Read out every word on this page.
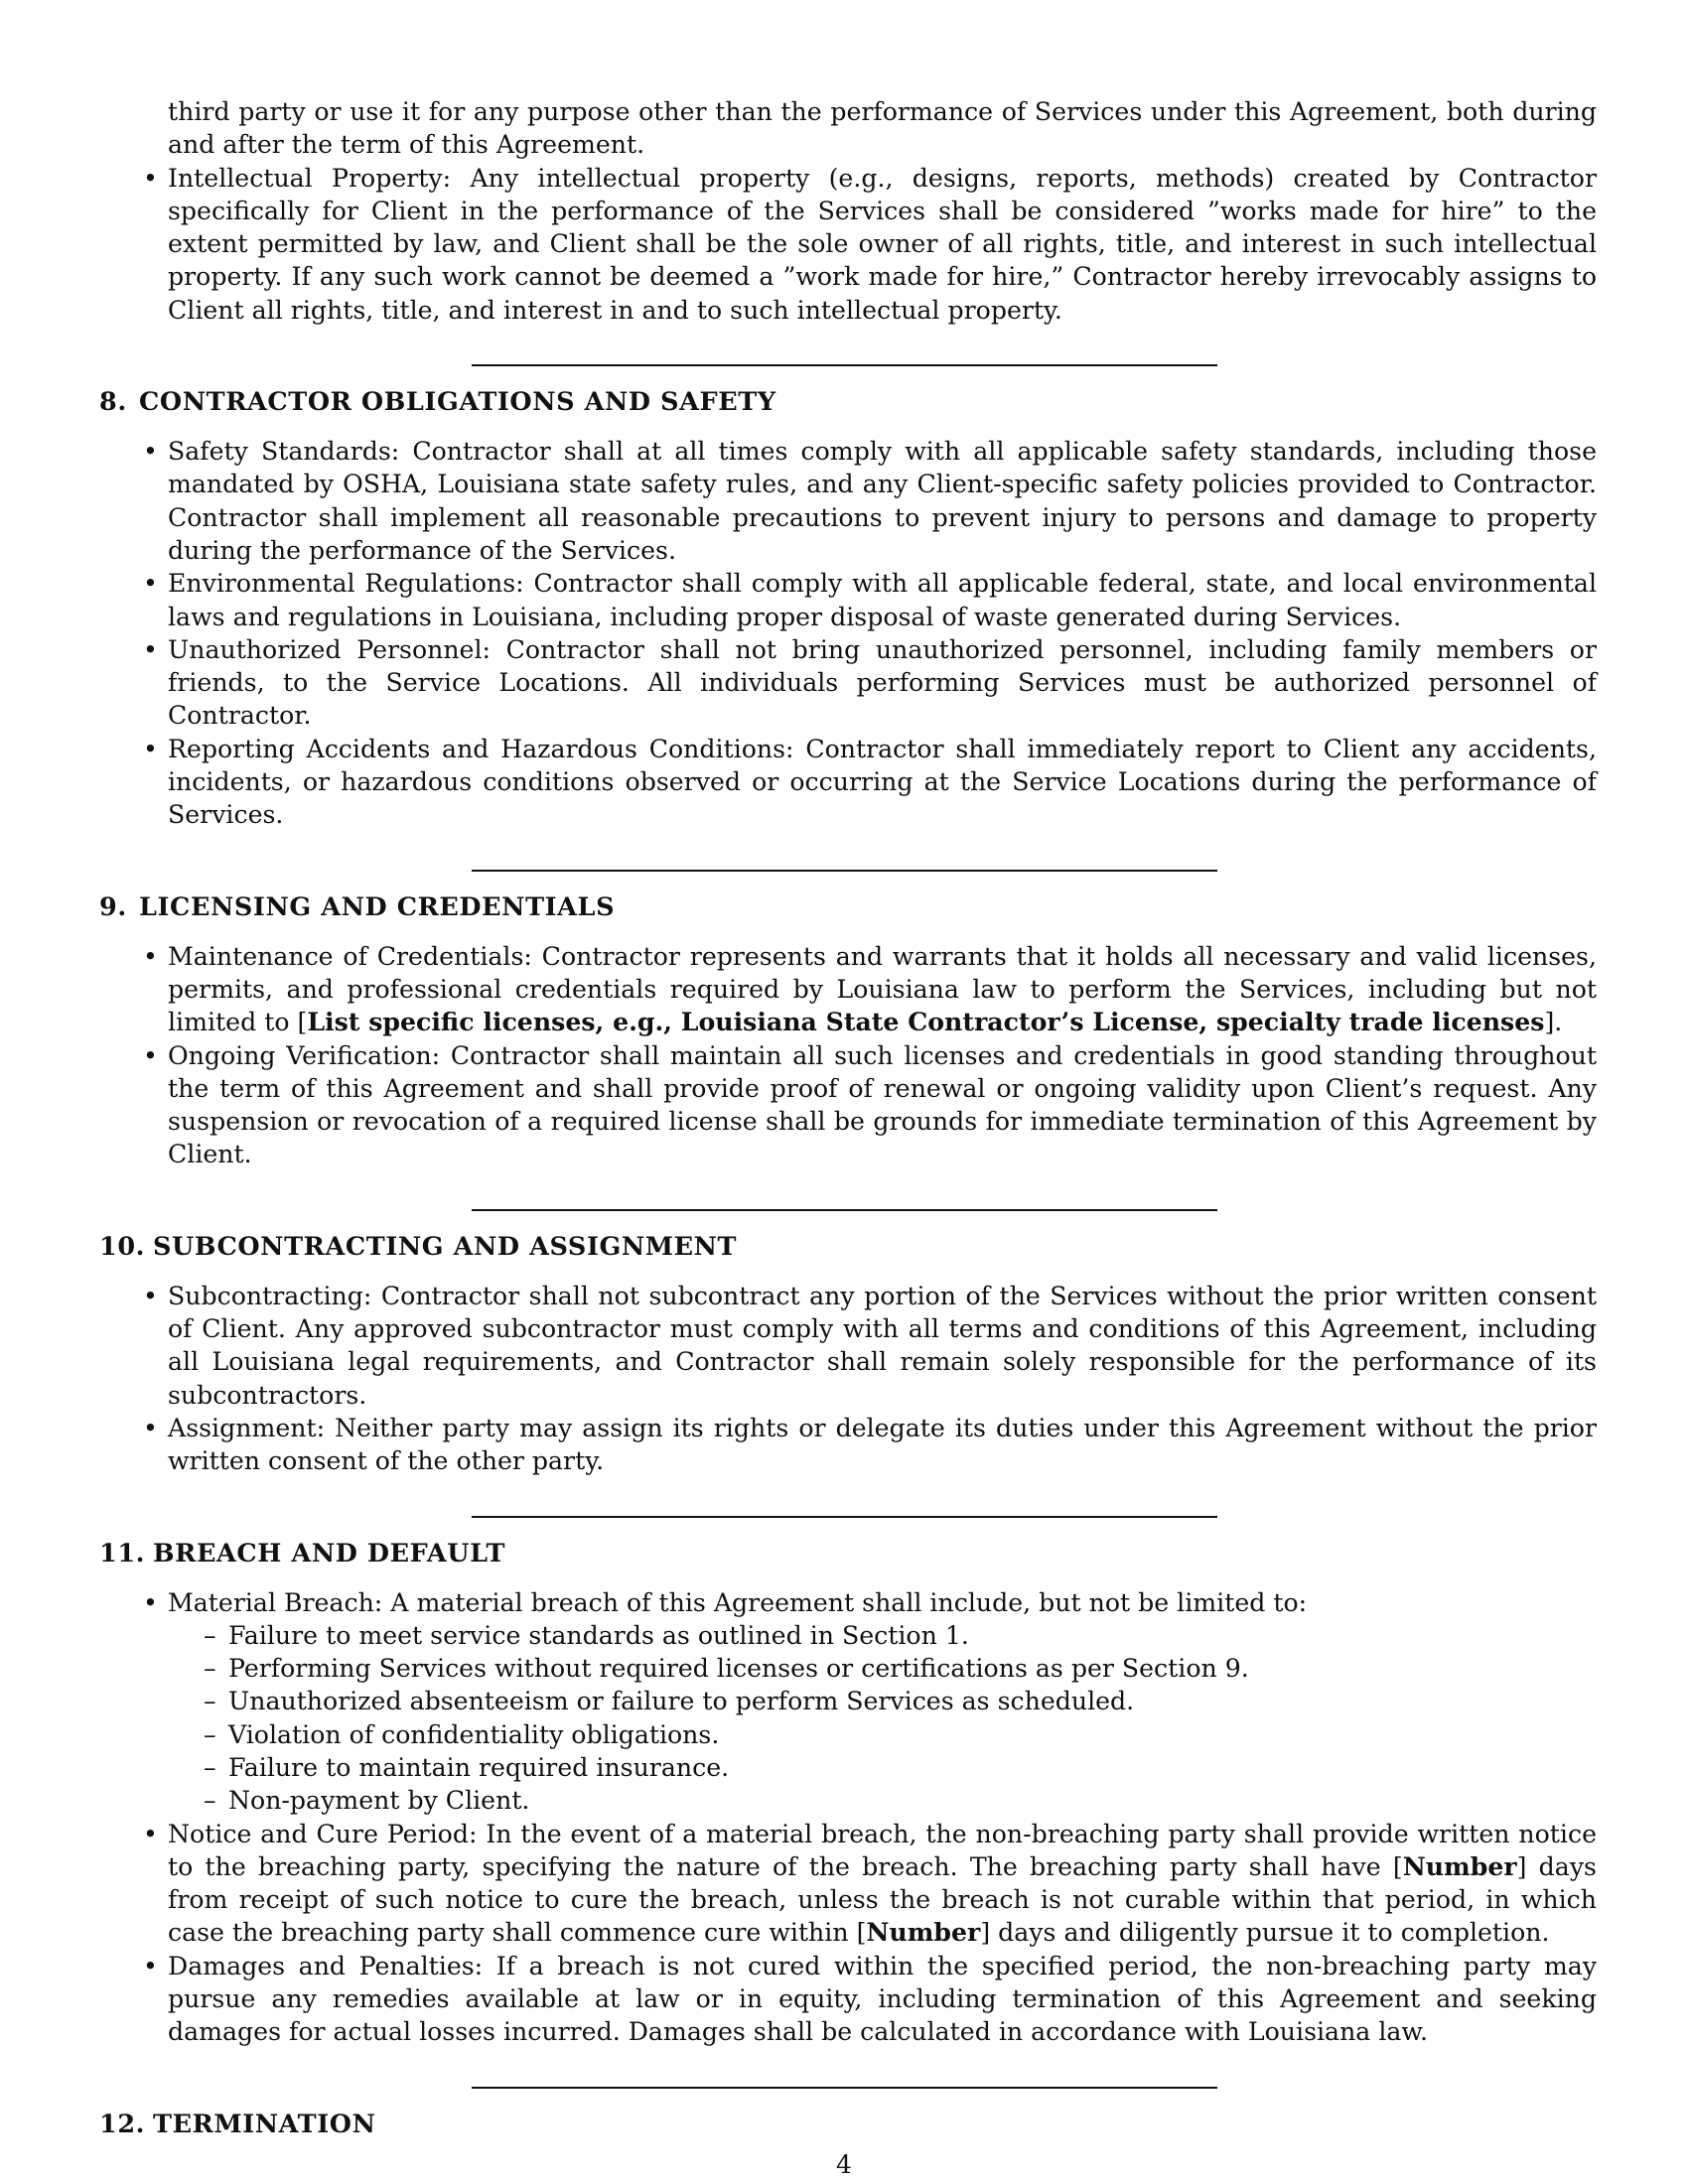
third party or use it for any purpose other than the performance of Services under this Agreement, both during and after the term of this Agreement.

• Intellectual Property: Any intellectual property (e.g., designs, reports, methods) created by Contractor specifically for Client in the performance of the Services shall be considered ”works made for hire” to the extent permitted by law, and Client shall be the sole owner of all rights, title, and interest in such intellectual property. If any such work cannot be deemed a ”work made for hire,” Contractor hereby irrevocably assigns to Client all rights, title, and interest in and to such intellectual property.
8. CONTRACTOR OBLIGATIONS AND SAFETY
• Safety Standards: Contractor shall at all times comply with all applicable safety standards, including those mandated by OSHA, Louisiana state safety rules, and any Client-specific safety policies provided to Contractor. Contractor shall implement all reasonable precautions to prevent injury to persons and damage to property during the performance of the Services.
• Environmental Regulations: Contractor shall comply with all applicable federal, state, and local environmental laws and regulations in Louisiana, including proper disposal of waste generated during Services.
• Unauthorized Personnel: Contractor shall not bring unauthorized personnel, including family members or friends, to the Service Locations. All individuals performing Services must be authorized personnel of Contractor.
• Reporting Accidents and Hazardous Conditions: Contractor shall immediately report to Client any accidents, incidents, or hazardous conditions observed or occurring at the Service Locations during the performance of Services.
9. LICENSING AND CREDENTIALS
• Maintenance of Credentials: Contractor represents and warrants that it holds all necessary and valid licenses, permits, and professional credentials required by Louisiana law to perform the Services, including but not limited to [List specific licenses, e.g., Louisiana State Contractor’s License, specialty trade licenses].
• Ongoing Verification: Contractor shall maintain all such licenses and credentials in good standing throughout the term of this Agreement and shall provide proof of renewal or ongoing validity upon Client’s request. Any suspension or revocation of a required license shall be grounds for immediate termination of this Agreement by Client.
10. SUBCONTRACTING AND ASSIGNMENT
• Subcontracting: Contractor shall not subcontract any portion of the Services without the prior written consent of Client. Any approved subcontractor must comply with all terms and conditions of this Agreement, including all Louisiana legal requirements, and Contractor shall remain solely responsible for the performance of its subcontractors.
• Assignment: Neither party may assign its rights or delegate its duties under this Agreement without the prior written consent of the other party.
11. BREACH AND DEFAULT
• Material Breach: A material breach of this Agreement shall include, but not be limited to:
– Failure to meet service standards as outlined in Section 1.
– Performing Services without required licenses or certifications as per Section 9.
– Unauthorized absenteeism or failure to perform Services as scheduled.
– Violation of confidentiality obligations.
– Failure to maintain required insurance.
– Non-payment by Client.
• Notice and Cure Period: In the event of a material breach, the non-breaching party shall provide written notice to the breaching party, specifying the nature of the breach. The breaching party shall have [Number] days from receipt of such notice to cure the breach, unless the breach is not curable within that period, in which case the breaching party shall commence cure within [Number] days and diligently pursue it to completion.
• Damages and Penalties: If a breach is not cured within the specified period, the non-breaching party may pursue any remedies available at law or in equity, including termination of this Agreement and seeking damages for actual losses incurred. Damages shall be calculated in accordance with Louisiana law.
12. TERMINATION
4
